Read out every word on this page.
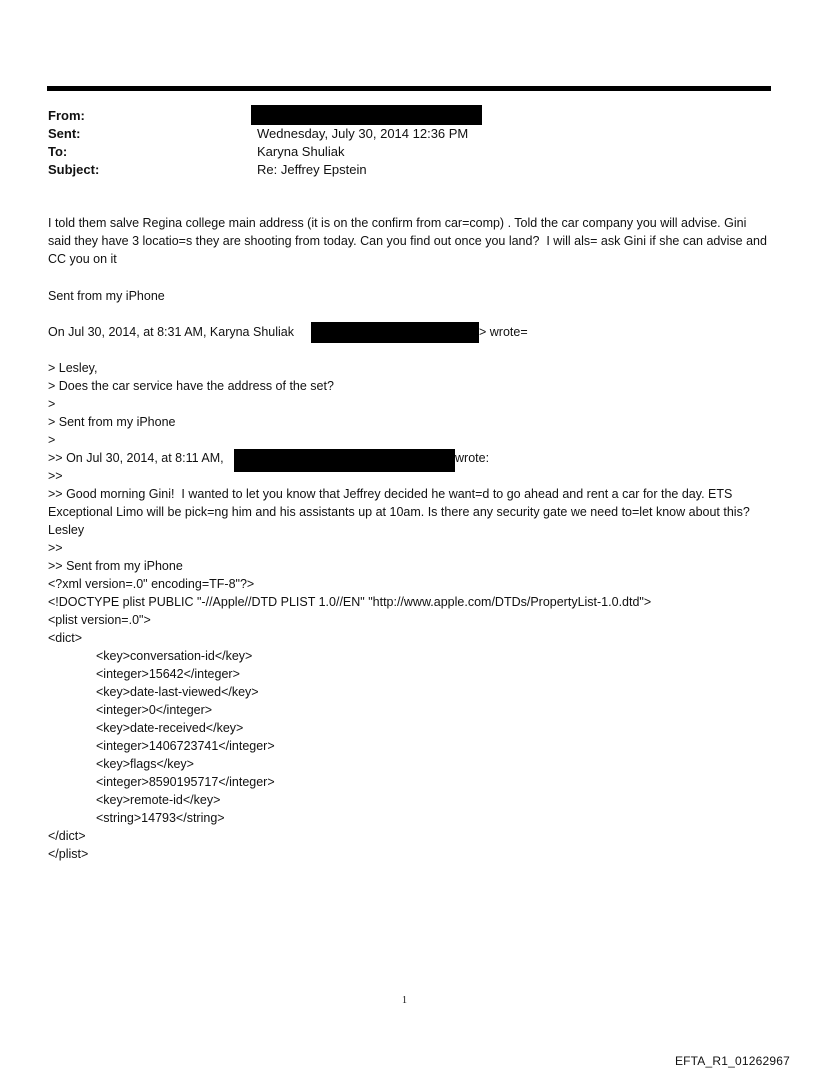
From:
Sent:	Wednesday, July 30, 2014 12:36 PM
To:	Karyna Shuliak
Subject:	Re: Jeffrey Epstein
I told them salve Regina college main address (it is on the confirm from car=comp) . Told the car company you will advise. Gini said they have 3 locatio=s they are shooting from today. Can you find out once you land?  I will als= ask Gini if she can advise and CC you on it
Sent from my iPhone
On Jul 30, 2014, at 8:31 AM, Karyna Shuliak	> wrote=
> Lesley,
> Does the car service have the address of the set?
>
> Sent from my iPhone
>
>> On Jul 30, 2014, at 8:11 AM,	wrote:
>>
>> Good morning Gini!  I wanted to let you know that Jeffrey decided he want=d to go ahead and rent a car for the day. ETS Exceptional Limo will be pick=ng him and his assistants up at 10am. Is there any security gate we need to=let know about this? Lesley
>>
>> Sent from my iPhone
<?xml version=.0" encoding=TF-8"?>
<!DOCTYPE plist PUBLIC "-//Apple//DTD PLIST 1.0//EN" "http://www.apple.com/DTDs/PropertyList-1.0.dtd">
<plist version=.0">
<dict>
<key>conversation-id</key>
<integer>15642</integer>
<key>date-last-viewed</key>
<integer>0</integer>
<key>date-received</key>
<integer>1406723741</integer>
<key>flags</key>
<integer>8590195717</integer>
<key>remote-id</key>
<string>14793</string>
</dict>
</plist>
1
EFTA_R1_01262967
